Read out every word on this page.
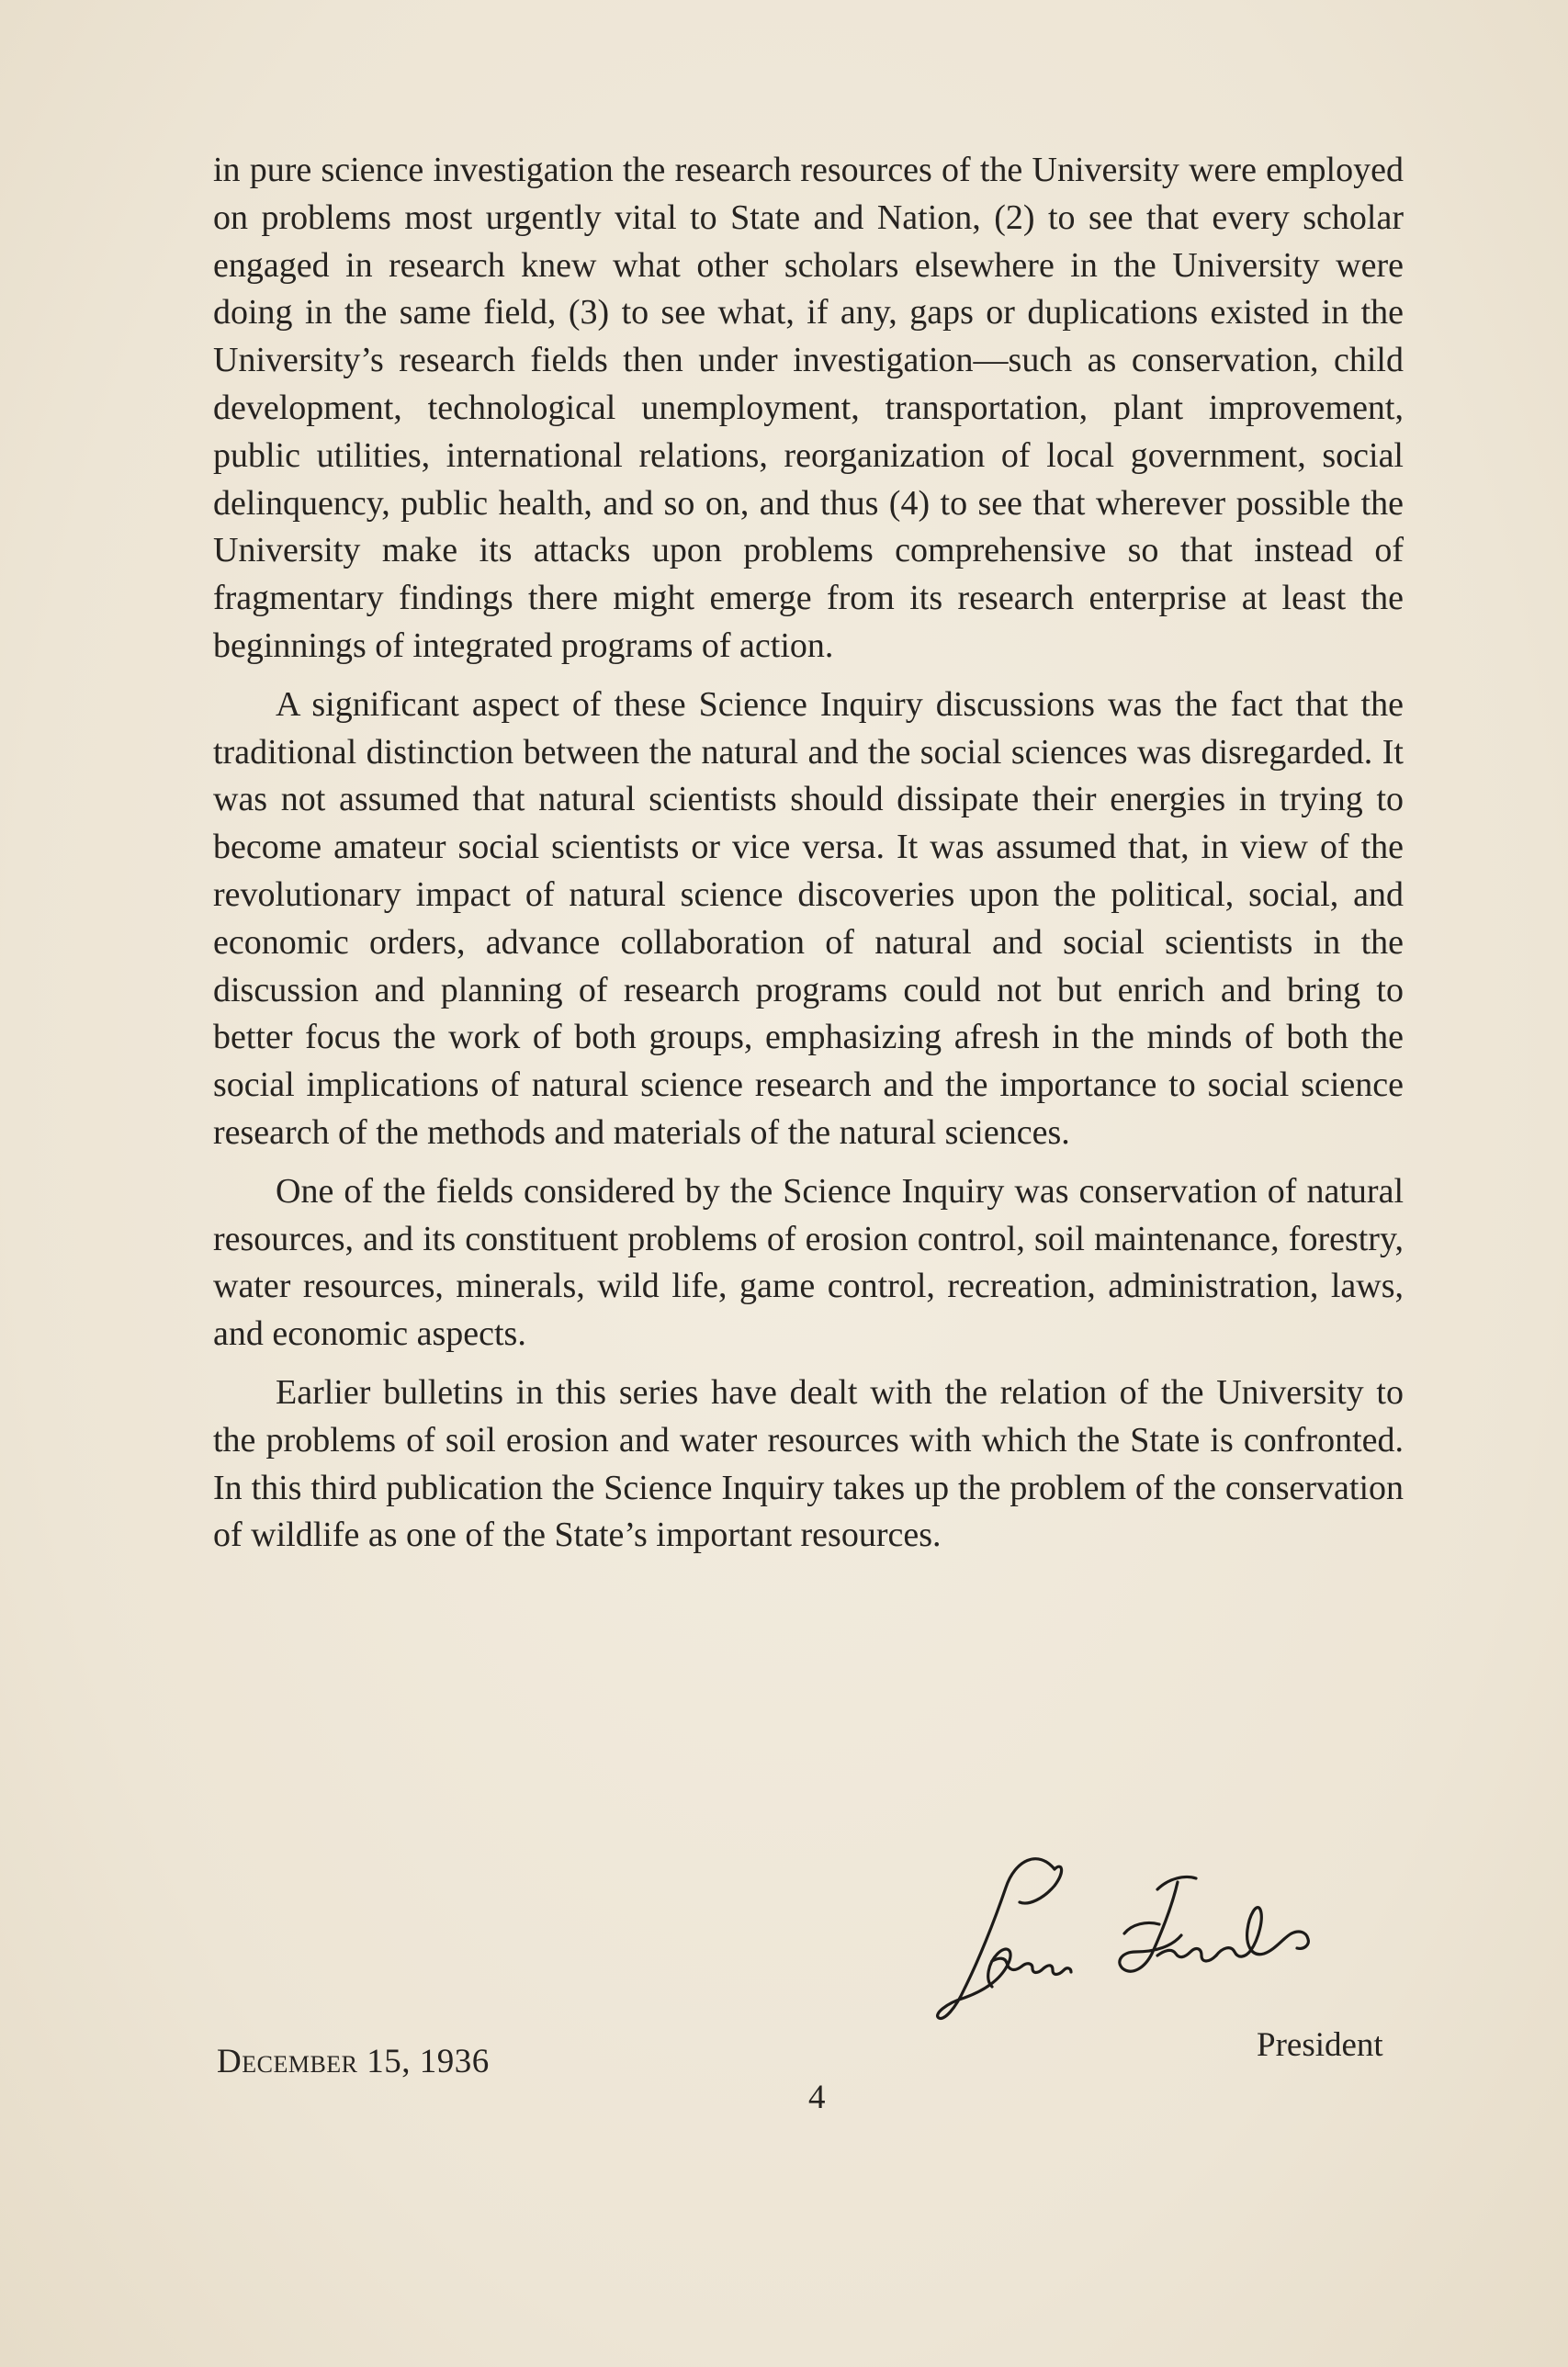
in pure science investigation the research resources of the University were employed on problems most urgently vital to State and Nation, (2) to see that every scholar engaged in research knew what other scholars elsewhere in the University were doing in the same field, (3) to see what, if any, gaps or duplications existed in the University’s research fields then under investigation—such as conservation, child development, technological unemployment, transportation, plant improvement, public utilities, international relations, reorganization of local government, social delinquency, public health, and so on, and thus (4) to see that wherever possible the University make its attacks upon problems comprehensive so that instead of fragmentary findings there might emerge from its research enterprise at least the beginnings of integrated programs of action.

A significant aspect of these Science Inquiry discussions was the fact that the traditional distinction between the natural and the social sciences was disregarded. It was not assumed that natural scientists should dissipate their energies in trying to become amateur social scientists or vice versa. It was assumed that, in view of the revolutionary impact of natural science discoveries upon the political, social, and economic orders, advance collaboration of natural and social scientists in the discussion and planning of research programs could not but enrich and bring to better focus the work of both groups, emphasizing afresh in the minds of both the social implications of natural science research and the importance to social science research of the methods and materials of the natural sciences.

One of the fields considered by the Science Inquiry was conservation of natural resources, and its constituent problems of erosion control, soil maintenance, forestry, water resources, minerals, wild life, game control, recreation, administration, laws, and economic aspects.

Earlier bulletins in this series have dealt with the relation of the University to the problems of soil erosion and water resources with which the State is confronted. In this third publication the Science Inquiry takes up the problem of the conservation of wildlife as one of the State’s important resources.

President
December 15, 1936
4
